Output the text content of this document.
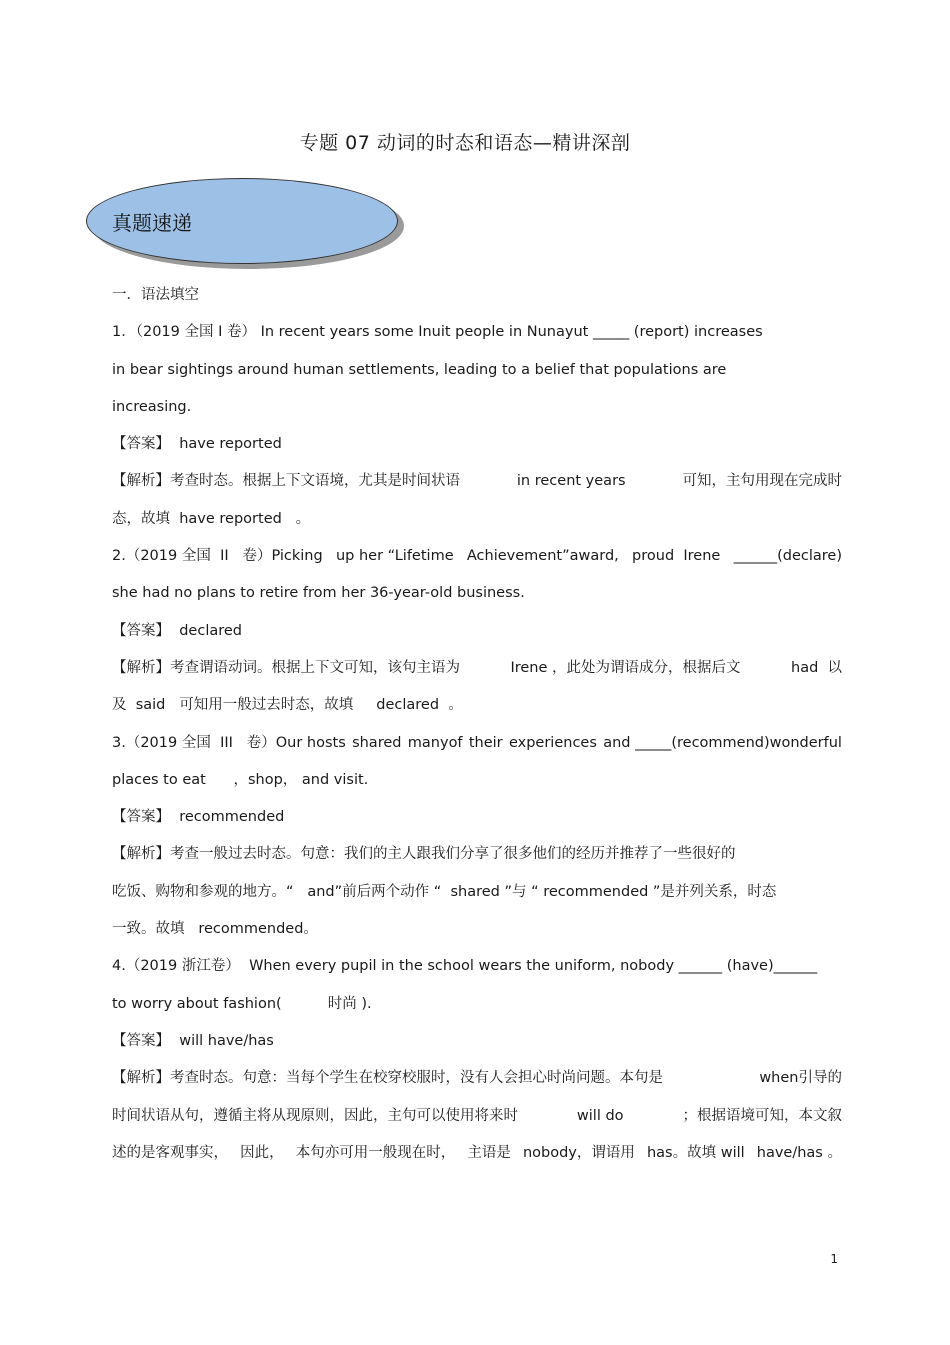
专题 07 动词的时态和语态—精讲深剖
真题速递
一．语法填空
1．（2019 全国 Ⅰ 卷） In recent years some Inuit people in Nunayut _____ (report) increases
in bear sightings around human settlements, leading to a belief that populations are
increasing.
【答案】  have reported
【解析】考查时态。根据上下文语境，尤其是时间状语	in recent years	可知，主句用现在完成时
态，故填  have reported   。
2.（2019 全国  II   卷）Picking up her “Lifetime Achievement”award, proud  Irene ______(declare)
she had no plans to retire from her 36-year-old business.
【答案】  declared
【解析】考查谓语动词。根据上下文可知，该句主语为	Irene ，此处为谓语成分，根据后文	had  以
及  said   可知用一般过去时态，故填     declared  。
3.（2019 全国  III   卷）Our hosts shared manyof their experiences and _____(recommend)wonderful
places to eat      ，shop， and visit.
【答案】  recommended
【解析】考查一般过去时态。句意：我们的主人跟我们分享了很多他们的经历并推荐了一些很好的
吃饭、购物和参观的地方。“   and”前后两个动作 “  shared ”与 “ recommended ”是并列关系，时态
一致。故填   recommended。
4.（2019 浙江卷）  When every pupil in the school wears the uniform, nobody ______ (have)______
to worry about fashion(          时尚 ).
【答案】  will have/has
【解析】考查时态。句意：当每个学生在校穿校服时，没有人会担心时尚问题。本句是	when引导的
时间状语从句，遵循主将从现原则，因此，主句可以使用将来时	will do	；根据语境可知，本文叙
述的是客观事实， 因此， 本句亦可用一般现在时， 主语是 nobody，谓语用 has。故填 will have/has 。
1
